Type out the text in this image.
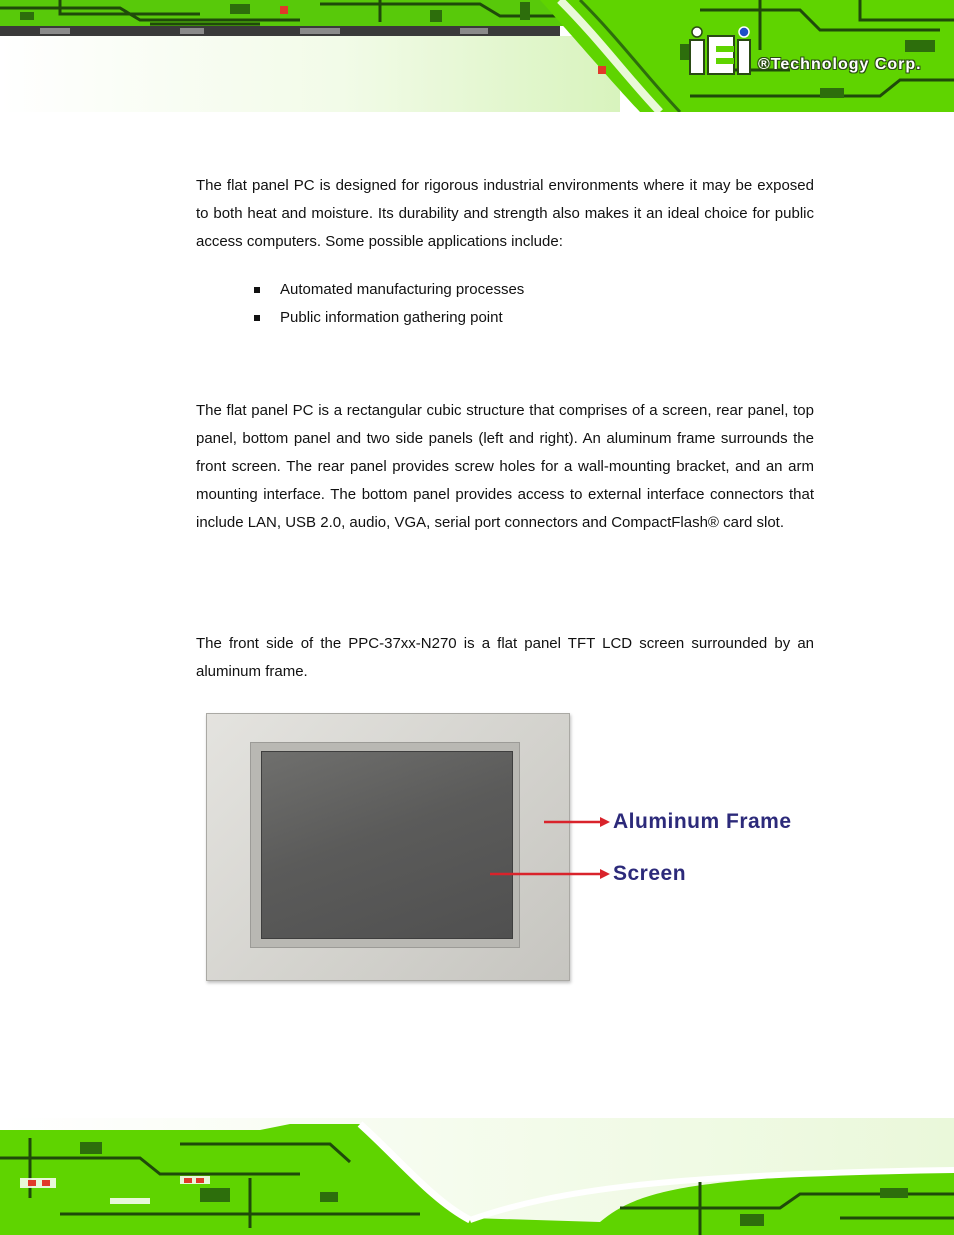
®Technology Corp.

The flat panel PC is designed for rigorous industrial environments where it may be exposed to both heat and moisture. Its durability and strength also makes it an ideal choice for public access computers. Some possible applications include:

Automated manufacturing processes
Public information gathering point

The flat panel PC is a rectangular cubic structure that comprises of a screen, rear panel, top panel, bottom panel and two side panels (left and right). An aluminum frame surrounds the front screen. The rear panel provides screw holes for a wall-mounting bracket, and an arm mounting interface. The bottom panel provides access to external interface connectors that include LAN, USB 2.0, audio, VGA, serial port connectors and CompactFlash® card slot.

The front side of the PPC-37xx-N270 is a flat panel TFT LCD screen surrounded by an aluminum frame.

Aluminum Frame
Screen
